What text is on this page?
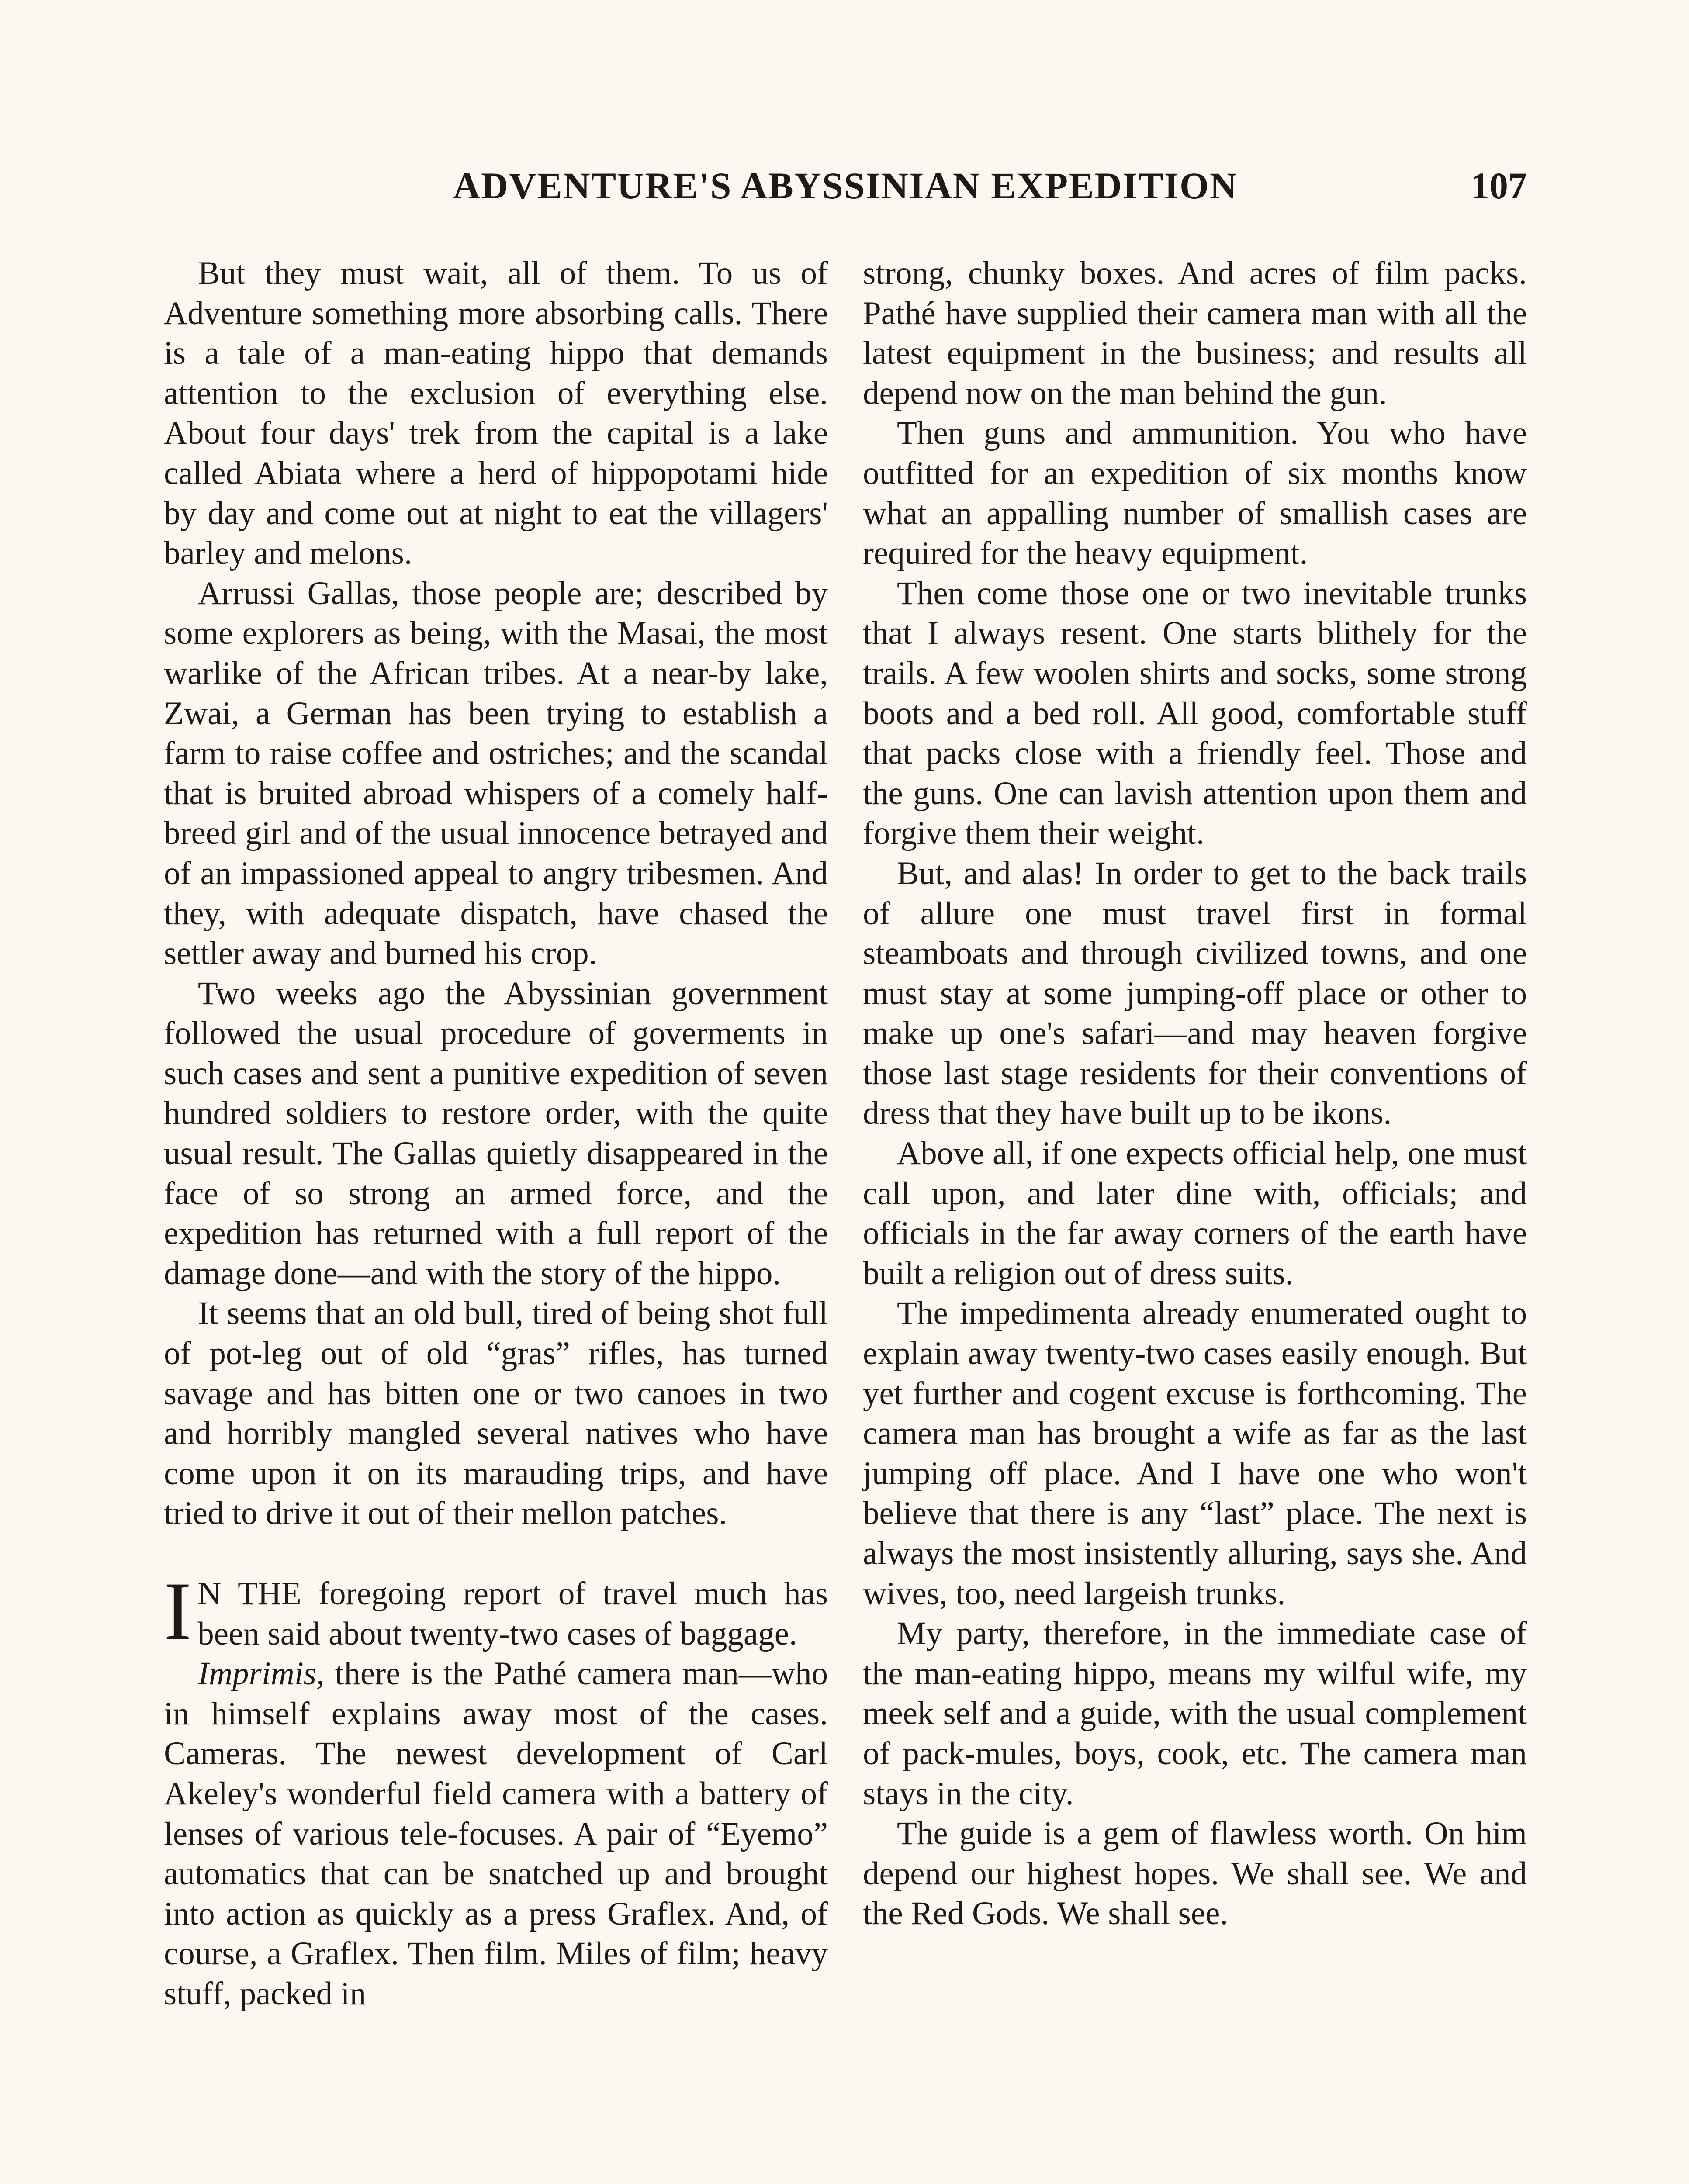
ADVENTURE'S ABYSSINIAN EXPEDITION	107

But they must wait, all of them. To us of Adventure something more absorbing calls. There is a tale of a man-eating hippo that demands attention to the exclusion of everything else. About four days' trek from the capital is a lake called Abiata where a herd of hippopotami hide by day and come out at night to eat the villagers' barley and melons.

Arrussi Gallas, those people are; described by some explorers as being, with the Masai, the most warlike of the African tribes. At a near-by lake, Zwai, a German has been trying to establish a farm to raise coffee and ostriches; and the scandal that is bruited abroad whispers of a comely half-breed girl and of the usual innocence betrayed and of an impassioned appeal to angry tribesmen. And they, with adequate dispatch, have chased the settler away and burned his crop.

Two weeks ago the Abyssinian government followed the usual procedure of goverments in such cases and sent a punitive expedition of seven hundred soldiers to restore order, with the quite usual result. The Gallas quietly disappeared in the face of so strong an armed force, and the expedition has returned with a full report of the damage done—and with the story of the hippo.

It seems that an old bull, tired of being shot full of pot-leg out of old “gras” rifles, has turned savage and has bitten one or two canoes in two and horribly mangled several natives who have come upon it on its marauding trips, and have tried to drive it out of their mellon patches.

I N THE foregoing report of travel much has been said about twenty-two cases of baggage.

Imprimis, there is the Pathé camera man—who in himself explains away most of the cases. Cameras. The newest development of Carl Akeley's wonderful field camera with a battery of lenses of various tele-focuses. A pair of “Eyemo” automatics that can be snatched up and brought into action as quickly as a press Graflex. And, of course, a Graflex. Then film. Miles of film; heavy stuff, packed in

strong, chunky boxes. And acres of film packs. Pathé have supplied their camera man with all the latest equipment in the business; and results all depend now on the man behind the gun.

Then guns and ammunition. You who have outfitted for an expedition of six months know what an appalling number of smallish cases are required for the heavy equipment.

Then come those one or two inevitable trunks that I always resent. One starts blithely for the trails. A few woolen shirts and socks, some strong boots and a bed roll. All good, comfortable stuff that packs close with a friendly feel. Those and the guns. One can lavish attention upon them and forgive them their weight.

But, and alas! In order to get to the back trails of allure one must travel first in formal steamboats and through civilized towns, and one must stay at some jumping-off place or other to make up one's safari—and may heaven forgive those last stage residents for their conventions of dress that they have built up to be ikons.

Above all, if one expects official help, one must call upon, and later dine with, officials; and officials in the far away corners of the earth have built a religion out of dress suits.

The impedimenta already enumerated ought to explain away twenty-two cases easily enough. But yet further and cogent excuse is forthcoming. The camera man has brought a wife as far as the last jumping off place. And I have one who won't believe that there is any “last” place. The next is always the most insistently alluring, says she. And wives, too, need largeish trunks.

My party, therefore, in the immediate case of the man-eating hippo, means my wilful wife, my meek self and a guide, with the usual complement of pack-mules, boys, cook, etc. The camera man stays in the city.

The guide is a gem of flawless worth. On him depend our highest hopes. We shall see. We and the Red Gods. We shall see.
